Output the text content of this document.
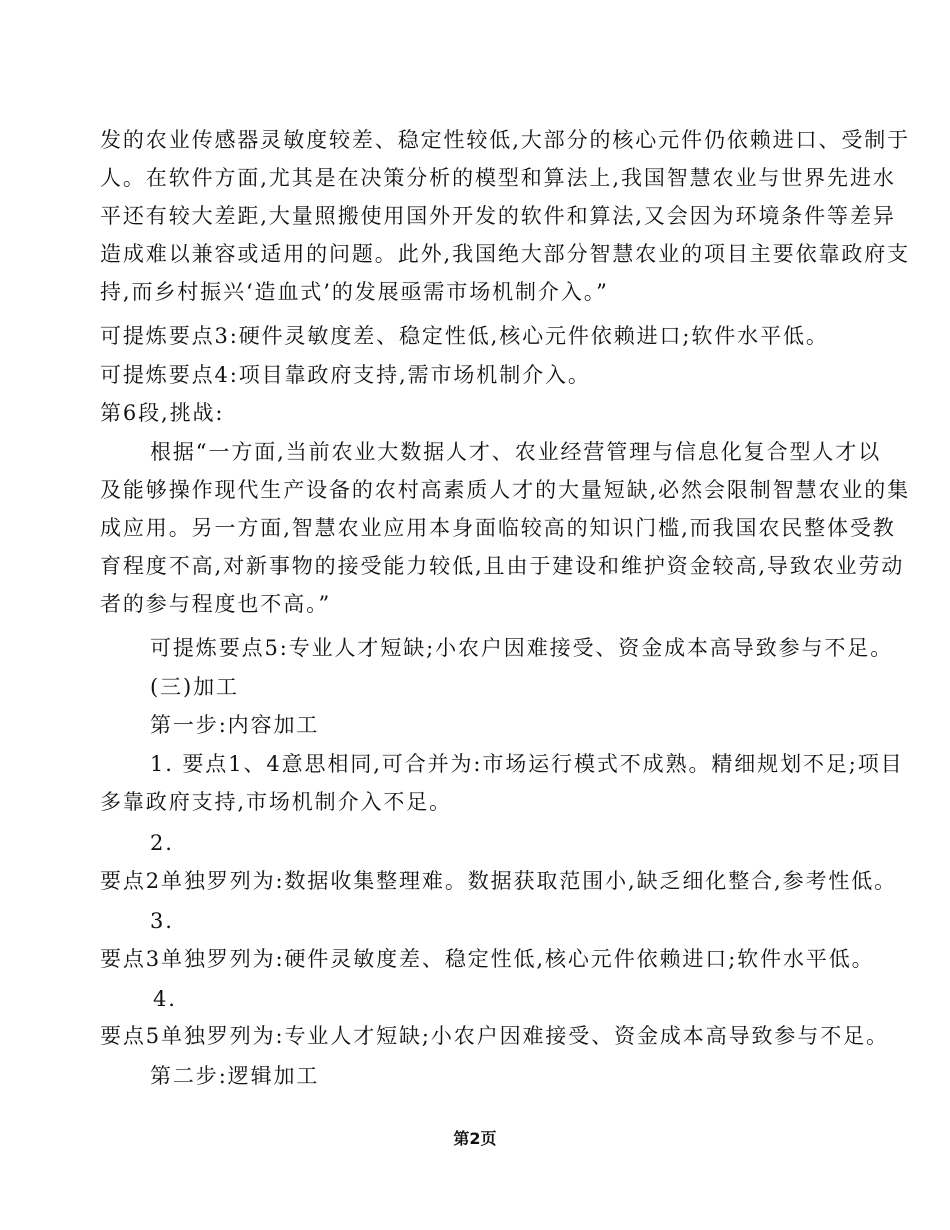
发的农业传感器灵敏度较差、稳定性较低,大部分的核心元件仍依赖进口、受制于
人。在软件方面,尤其是在决策分析的模型和算法上,我国智慧农业与世界先进水
平还有较大差距,大量照搬使用国外开发的软件和算法,又会因为环境条件等差异
造成难以兼容或适用的问题。此外,我国绝大部分智慧农业的项目主要依靠政府支
持,而乡村振兴‘造血式’的发展亟需市场机制介入。”
可提炼要点3:硬件灵敏度差、稳定性低,核心元件依赖进口;软件水平低。
可提炼要点4:项目靠政府支持,需市场机制介入。
第6段,挑战:
根据“一方面,当前农业大数据人才、农业经营管理与信息化复合型人才以
及能够操作现代生产设备的农村高素质人才的大量短缺,必然会限制智慧农业的集
成应用。另一方面,智慧农业应用本身面临较高的知识门槛,而我国农民整体受教
育程度不高,对新事物的接受能力较低,且由于建设和维护资金较高,导致农业劳动
者的参与程度也不高。”
可提炼要点5:专业人才短缺;小农户因难接受、资金成本高导致参与不足。
(三)加工
第一步:内容加工
1. 要点1、4意思相同,可合并为:市场运行模式不成熟。精细规划不足;项目
多靠政府支持,市场机制介入不足。
2.
要点2单独罗列为:数据收集整理难。数据获取范围小,缺乏细化整合,参考性低。
3.
要点3单独罗列为:硬件灵敏度差、稳定性低,核心元件依赖进口;软件水平低。
4.
要点5单独罗列为:专业人才短缺;小农户因难接受、资金成本高导致参与不足。
第二步:逻辑加工
第2页
